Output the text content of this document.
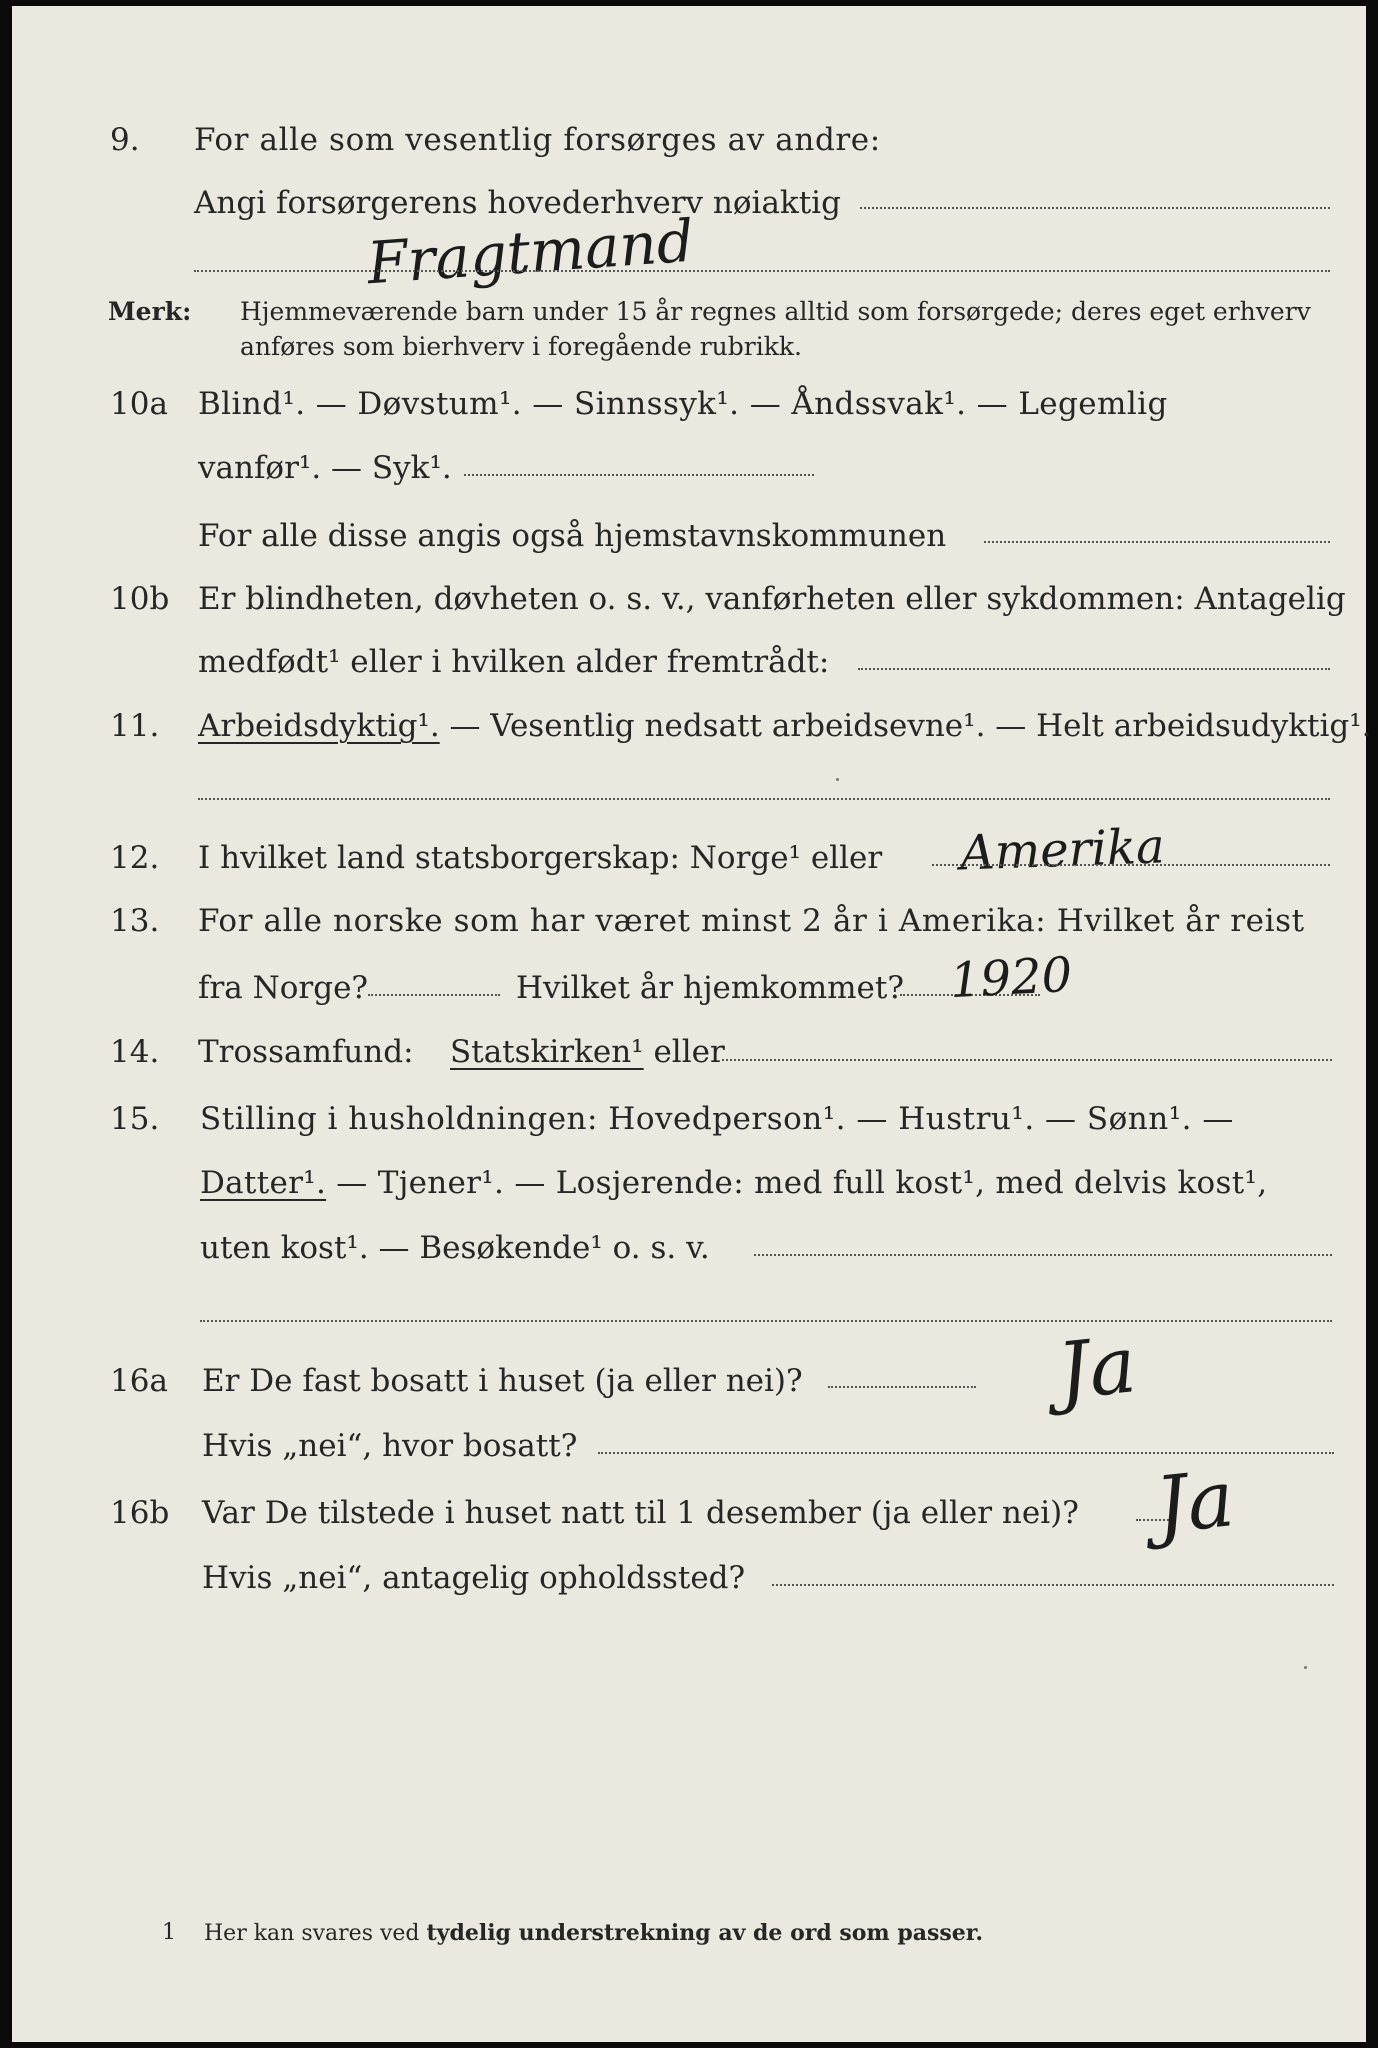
9. For alle som vesentlig forsørges av andre:
Angi forsørgerens hovederhverv nøiaktig
Fragtmand
Merk: Hjemmeværende barn under 15 år regnes alltid som forsørgede; deres eget erhverv
anføres som bierhverv i foregående rubrikk.
10a Blind¹. — Døvstum¹. — Sinnssyk¹. — Åndssvak¹. — Legemlig
vanfør¹. — Syk¹.
For alle disse angis også hjemstavnskommunen
10b Er blindheten, døvheten o. s. v., vanførheten eller sykdommen: Antagelig
medfødt¹ eller i hvilken alder fremtrådt:
11. Arbeidsdyktig¹. — Vesentlig nedsatt arbeidsevne¹. — Helt arbeidsudyktig¹.
12. I hvilket land statsborgerskap: Norge¹ eller Amerika
13. For alle norske som har været minst 2 år i Amerika: Hvilket år reist
fra Norge?	Hvilket år hjemkommet? 1920
14. Trossamfund: Statskirken¹ eller
15. Stilling i husholdningen: Hovedperson¹. — Hustru¹. — Sønn¹. —
Datter¹. — Tjener¹. — Losjerende: med full kost¹, med delvis kost¹,
uten kost¹. — Besøkende¹ o. s. v.
16a Er De fast bosatt i huset (ja eller nei)?	Ja
Hvis „nei“, hvor bosatt?
16b Var De tilstede i huset natt til 1 desember (ja eller nei)? Ja
Hvis „nei“, antagelig opholdssted?
1 Her kan svares ved tydelig understrekning av de ord som passer.
